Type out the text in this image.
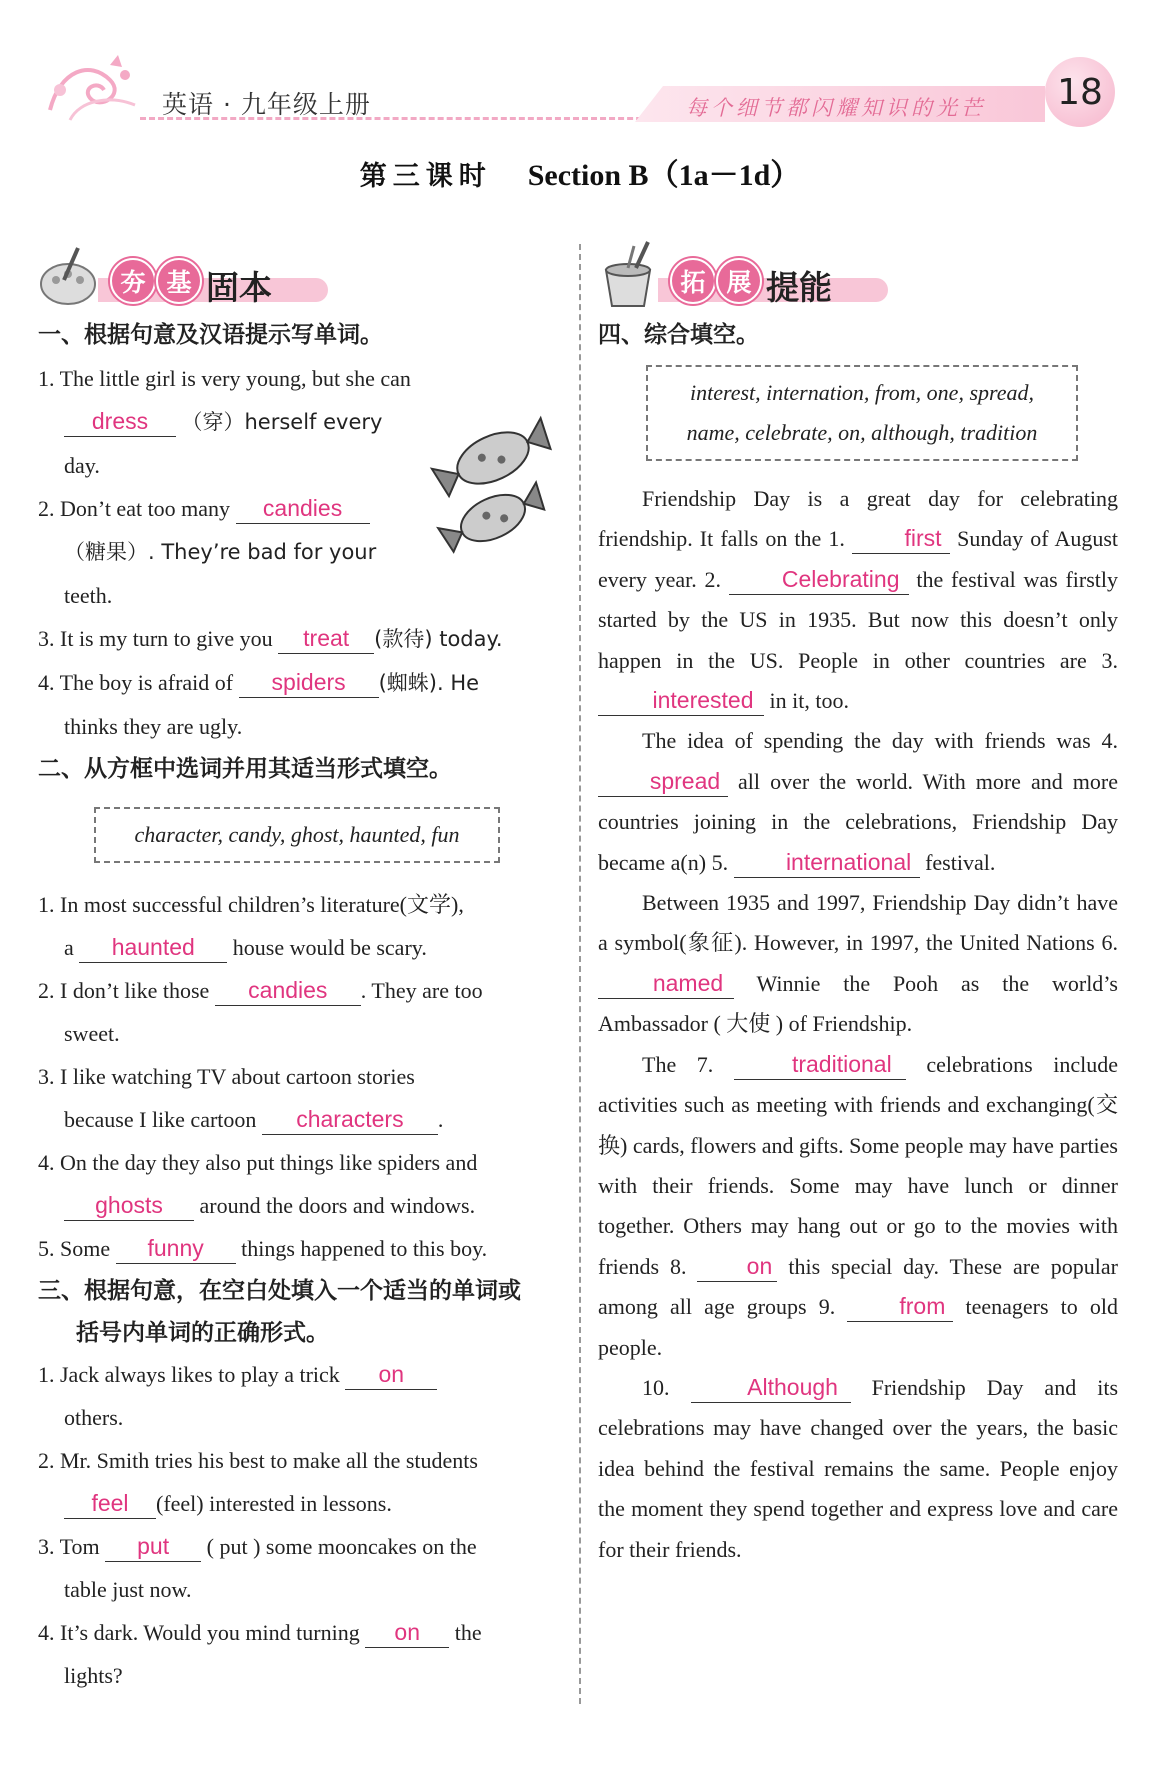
英语 · 九年级上册	每个细节都闪耀知识的光芒	18
第三课时 Section B（1a－1d）
夯 基 固本
一、根据句意及汉语提示写单词。
1. The little girl is very young, but she can
dress （穿）herself every
day.
2. Don’t eat too many candies
（糖果）. They’re bad for your
teeth.
3. It is my turn to give you treat (款待) today.
4. The boy is afraid of spiders (蜘蛛). He
thinks they are ugly.
二、从方框中选词并用其适当形式填空。
character, candy, ghost, haunted, fun
1. In most successful children’s literature(文学),
a haunted house would be scary.
2. I don’t like those candies . They are too
sweet.
3. I like watching TV about cartoon stories
because I like cartoon characters .
4. On the day they also put things like spiders and
ghosts around the doors and windows.
5. Some funny things happened to this boy.
三、根据句意，在空白处填入一个适当的单词或
括号内单词的正确形式。
1. Jack always likes to play a trick on
others.
2. Mr. Smith tries his best to make all the students
feel (feel) interested in lessons.
3. Tom put ( put ) some mooncakes on the
table just now.
4. It’s dark. Would you mind turning on the
lights?
拓 展 提能
四、综合填空。
interest, internation, from, one, spread,
name, celebrate, on, although, tradition
Friendship Day is a great day for celebrating friendship. It falls on the 1.	first Sunday of August every year. 2.	Celebrating the festival was firstly started by the US in 1935. But now this doesn’t only happen in the US. People in other countries are 3. interested in it, too.
The idea of spending the day with friends was 4. spread all over the world. With more and more countries joining in the celebrations, Friendship Day became a(n) 5.	international festival.
Between 1935 and 1997, Friendship Day didn’t have a symbol(象征). However, in 1997, the United Nations 6. named Winnie the Pooh as the world’s Ambassador ( 大使 ) of Friendship.
The 7.	traditional celebrations include activities such as meeting with friends and exchanging(交换) cards, flowers and gifts. Some people may have parties with their friends. Some may have lunch or dinner together. Others may hang out or go to the movies with friends 8.	on this special day. These are popular among all age groups 9.	from teenagers to old people.
10.	Although Friendship Day and its celebrations may have changed over the years, the basic idea behind the festival remains the same. People enjoy the moment they spend together and express love and care for their friends.
